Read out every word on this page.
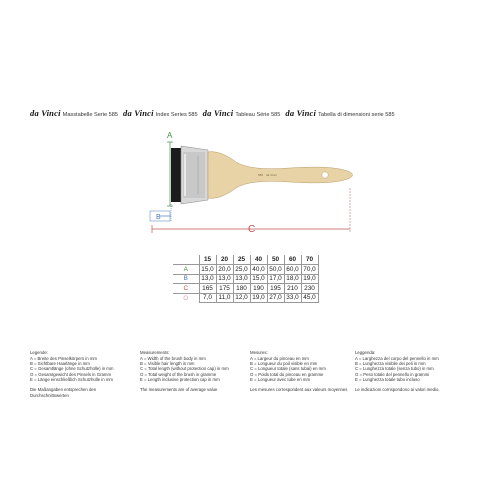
da Vinci Masstabelle Serie 585 da Vinci Index Series 585 da Vinci Tableau Série 585 da Vinci Tabella di dimensioni serie 585
A
585 da Vinci
B
C
	15	20	25	40	50	60	70
A	15,0	20,0	25,0	40,0	50,0	60,0	70,0
B	13,0	13,0	13,0	15,0	17,0	18,0	19,0
C	165	175	180	190	195	210	230
O	7,0	11,0	12,0	19,0	27,0	33,0	45,0
Legende:
A = Breite des Pinselkörpers in mm
B = Sichtbare Haarlänge in mm
C = Gesamtlänge (ohne Schutzhülle) in mm
O = Gesamtgewicht des Pinsels in Gramm
E = Länge einschließlich Schutzhülle in mm
Die Maßangaben entsprechen den Durchschnittswerten
Measurements:
A = Width of the brush body in mm
B = Visible hair length in mm
C = Total length (without protection cap) in mm
O = Total weight of the brush in gramme
E = Length inclusive protection cap in mm
The measurements are of average value
Mesures:
A = Largeur du pinceau en mm
B = Longueur du poil visible en mm
C = Longueur totale (sans tubai) en mm
O = Poids total du pinceau en gramme
E = Longueur avec tube en mm
Les mesures correspondent aux valeurs moyennes
Leggenda:
A = Larghezza del corpo del pennello in mm
B = Lunghezza visibile dei peli in mm
C = Lunghezza totale (senza tubo) in mm
O = Peso totale del pennello in grammi
E = Lunghezza totale tubo incluso
Le indicazioni corrispondono ai valori medio.
